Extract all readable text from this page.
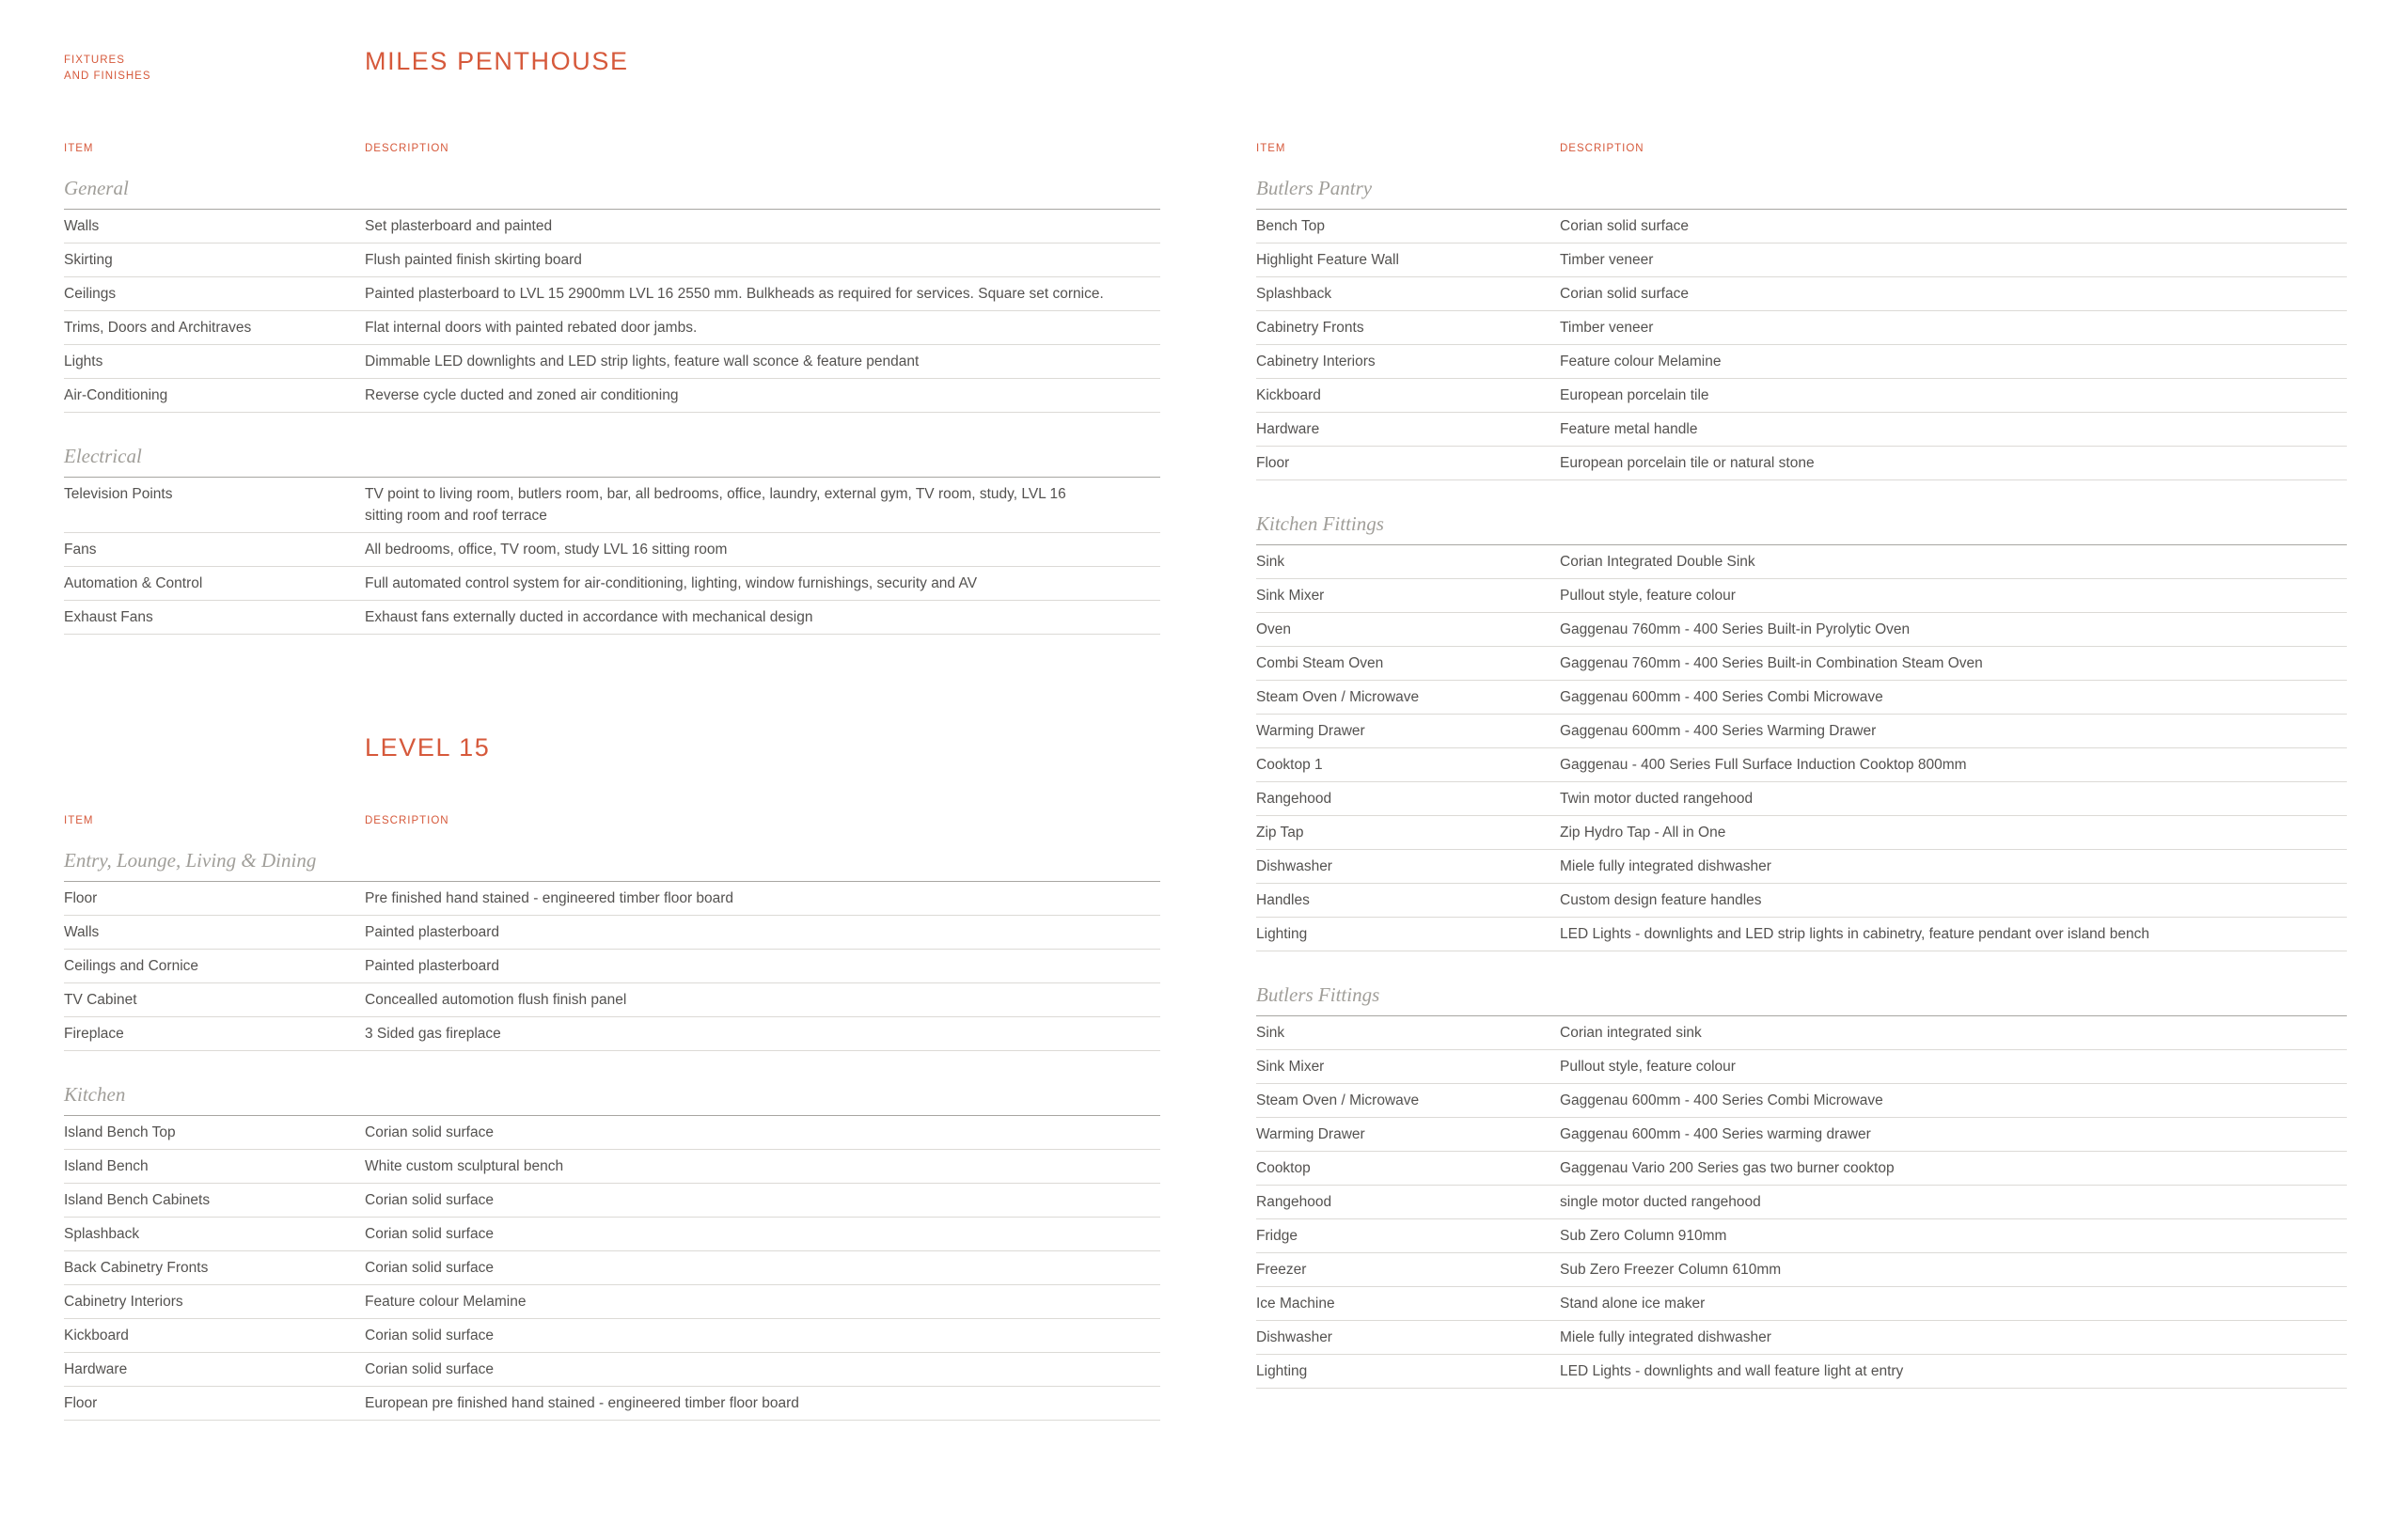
FIXTURES
AND FINISHES
MILES PENTHOUSE
ITEM	DESCRIPTION
General
Walls	Set plasterboard and painted
Skirting	Flush painted finish skirting board
Ceilings	Painted plasterboard to LVL 15 2900mm LVL 16 2550 mm. Bulkheads as required for services. Square set cornice.
Trims, Doors and Architraves	Flat internal doors with painted rebated door jambs.
Lights	Dimmable LED downlights and LED strip lights, feature wall sconce & feature pendant
Air-Conditioning	Reverse cycle ducted and zoned air conditioning
Electrical
Television Points	TV point to living room, butlers room, bar, all bedrooms, office, laundry, external gym, TV room, study, LVL 16 sitting room and roof terrace
Fans	All bedrooms, office, TV room, study LVL 16 sitting room
Automation & Control	Full automated control system for air-conditioning, lighting, window furnishings, security and AV
Exhaust Fans	Exhaust fans externally ducted in accordance with mechanical design
LEVEL 15
ITEM	DESCRIPTION
Entry, Lounge, Living & Dining
Floor	Pre finished hand stained - engineered timber floor board
Walls	Painted plasterboard
Ceilings and Cornice	Painted plasterboard
TV Cabinet	Concealled automotion flush finish panel
Fireplace	3 Sided gas fireplace
Kitchen
Island Bench Top	Corian solid surface
Island Bench	White custom sculptural bench
Island Bench Cabinets	Corian solid surface
Splashback	Corian solid surface
Back Cabinetry Fronts	Corian solid surface
Cabinetry Interiors	Feature colour Melamine
Kickboard	Corian solid surface
Hardware	Corian solid surface
Floor	European pre finished hand stained - engineered timber floor board
ITEM	DESCRIPTION
Butlers Pantry
Bench Top	Corian solid surface
Highlight Feature Wall	Timber veneer
Splashback	Corian solid surface
Cabinetry Fronts	Timber veneer
Cabinetry Interiors	Feature colour Melamine
Kickboard	European porcelain tile
Hardware	Feature metal handle
Floor	European porcelain tile or natural stone
Kitchen Fittings
Sink	Corian Integrated Double Sink
Sink Mixer	Pullout style, feature colour
Oven	Gaggenau 760mm - 400 Series Built-in Pyrolytic Oven
Combi Steam Oven	Gaggenau 760mm - 400 Series Built-in Combination Steam Oven
Steam Oven / Microwave	Gaggenau 600mm - 400 Series Combi Microwave
Warming Drawer	Gaggenau 600mm - 400 Series Warming Drawer
Cooktop 1	Gaggenau - 400 Series Full Surface Induction Cooktop 800mm
Rangehood	Twin motor ducted rangehood
Zip Tap	Zip Hydro Tap - All in One
Dishwasher	Miele fully integrated dishwasher
Handles	Custom design feature handles
Lighting	LED Lights - downlights and LED strip lights in cabinetry, feature pendant over island bench
Butlers Fittings
Sink	Corian integrated sink
Sink Mixer	Pullout style, feature colour
Steam Oven / Microwave	Gaggenau 600mm - 400 Series Combi Microwave
Warming Drawer	Gaggenau 600mm - 400 Series warming drawer
Cooktop	Gaggenau Vario 200 Series gas two burner cooktop
Rangehood	single motor ducted rangehood
Fridge	Sub Zero Column 910mm
Freezer	Sub Zero Freezer Column 610mm
Ice Machine	Stand alone ice maker
Dishwasher	Miele fully integrated dishwasher
Lighting	LED Lights - downlights and wall feature light at entry
